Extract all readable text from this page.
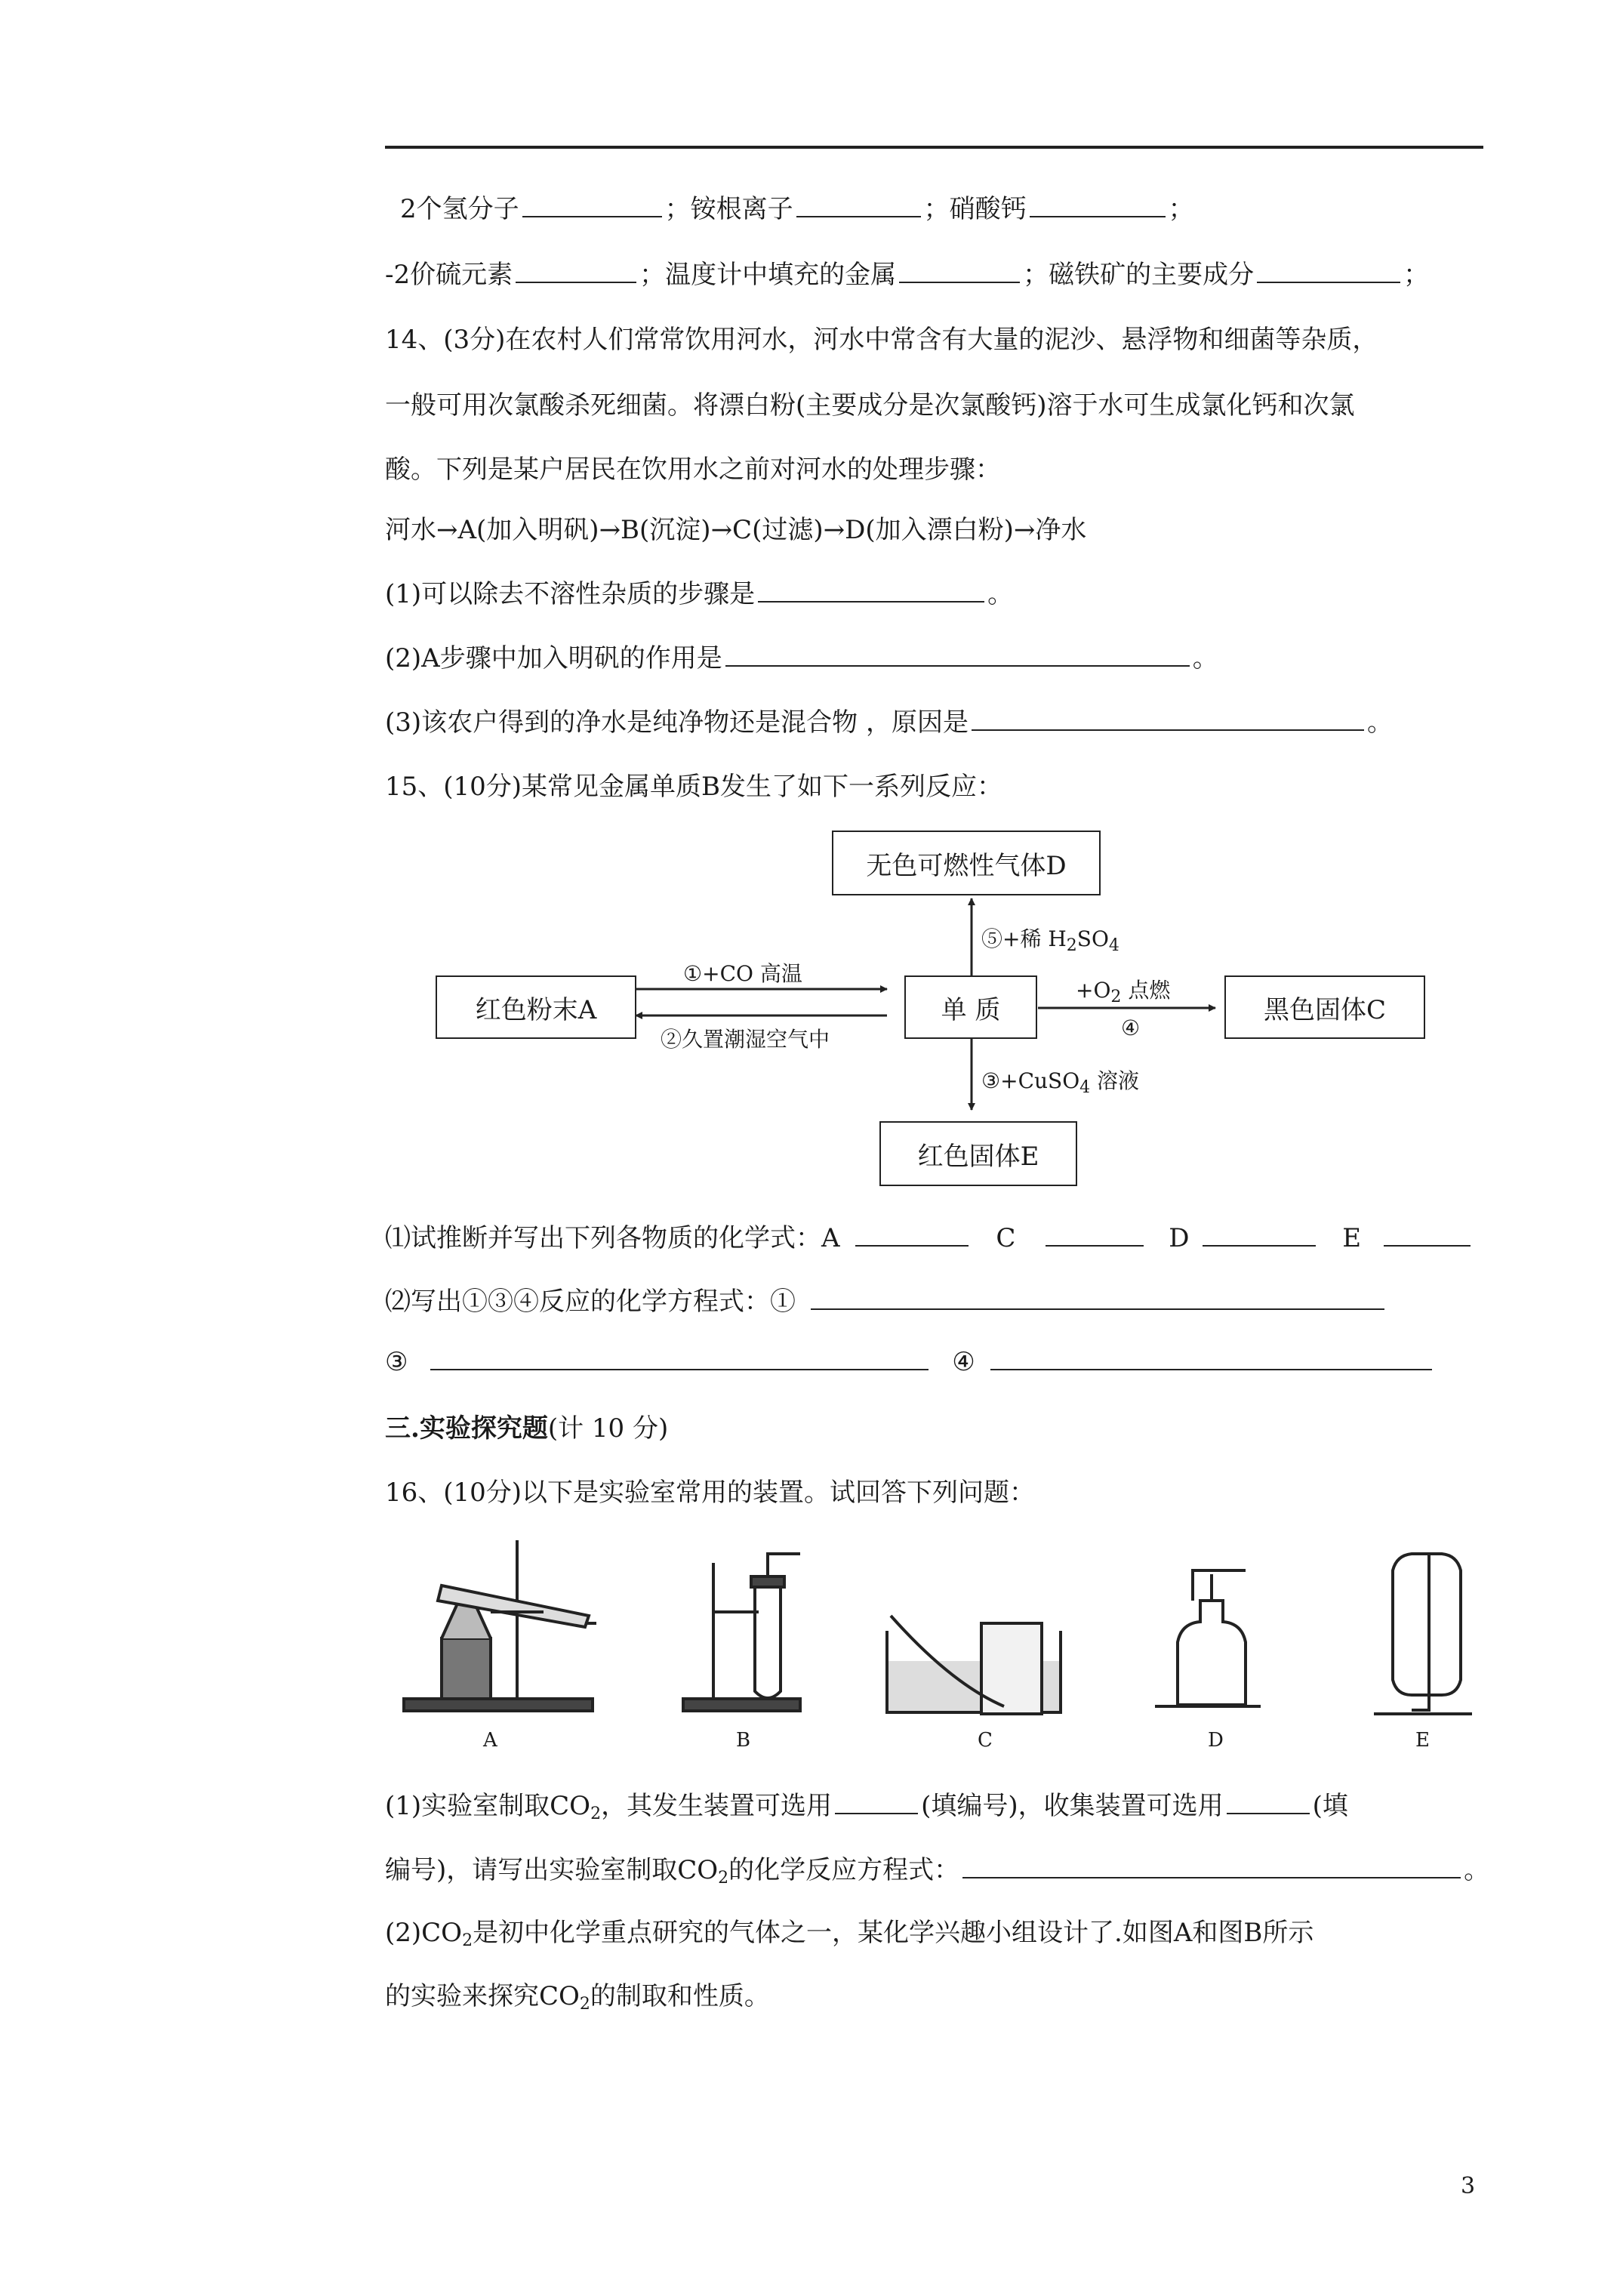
2个氢分子	；铵根离子	；硝酸钙	；
-2价硫元素	；温度计中填充的金属	；磁铁矿的主要成分	；
14、(3分)在农村人们常常饮用河水，河水中常含有大量的泥沙、悬浮物和细菌等杂质，
一般可用次氯酸杀死细菌。将漂白粉(主要成分是次氯酸钙)溶于水可生成氯化钙和次氯
酸。下列是某户居民在饮用水之前对河水的处理步骤：
河水→A(加入明矾)→B(沉淀)→C(过滤)→D(加入漂白粉)→净水
(1)可以除去不溶性杂质的步骤是	。
(2)A步骤中加入明矾的作用是	。
(3)该农户得到的净水是纯净物还是混合物 ，原因是	。
15、(10分)某常见金属单质B发生了如下一系列反应：
无色可燃性气体D
红色粉末A	单 质	黑色固体C
红色固体E
①+CO 高温
②久置潮湿空气中
⑤+稀 $H_2SO_4$
$+O_2$ 点燃
④
③+CuSO$_4$ 溶液
⑴试推断并写出下列各物质的化学式：A	C	D	E
⑵写出①③④反应的化学方程式：①
③	④
三.实验探究题(计 10 分)
16、(10分)以下是实验室常用的装置。试回答下列问题：
A	B	C	D	E
(1)实验室制取$CO_2$，其发生装置可选用	(填编号)，收集装置可选用	(填
编号)，请写出实验室制取$CO_2$的化学反应方程式：	。
$(2)CO_2$是初中化学重点研究的气体之一，某化学兴趣小组设计了.如图A和图B所示
的实验来探究$CO_2$的制取和性质。
3
